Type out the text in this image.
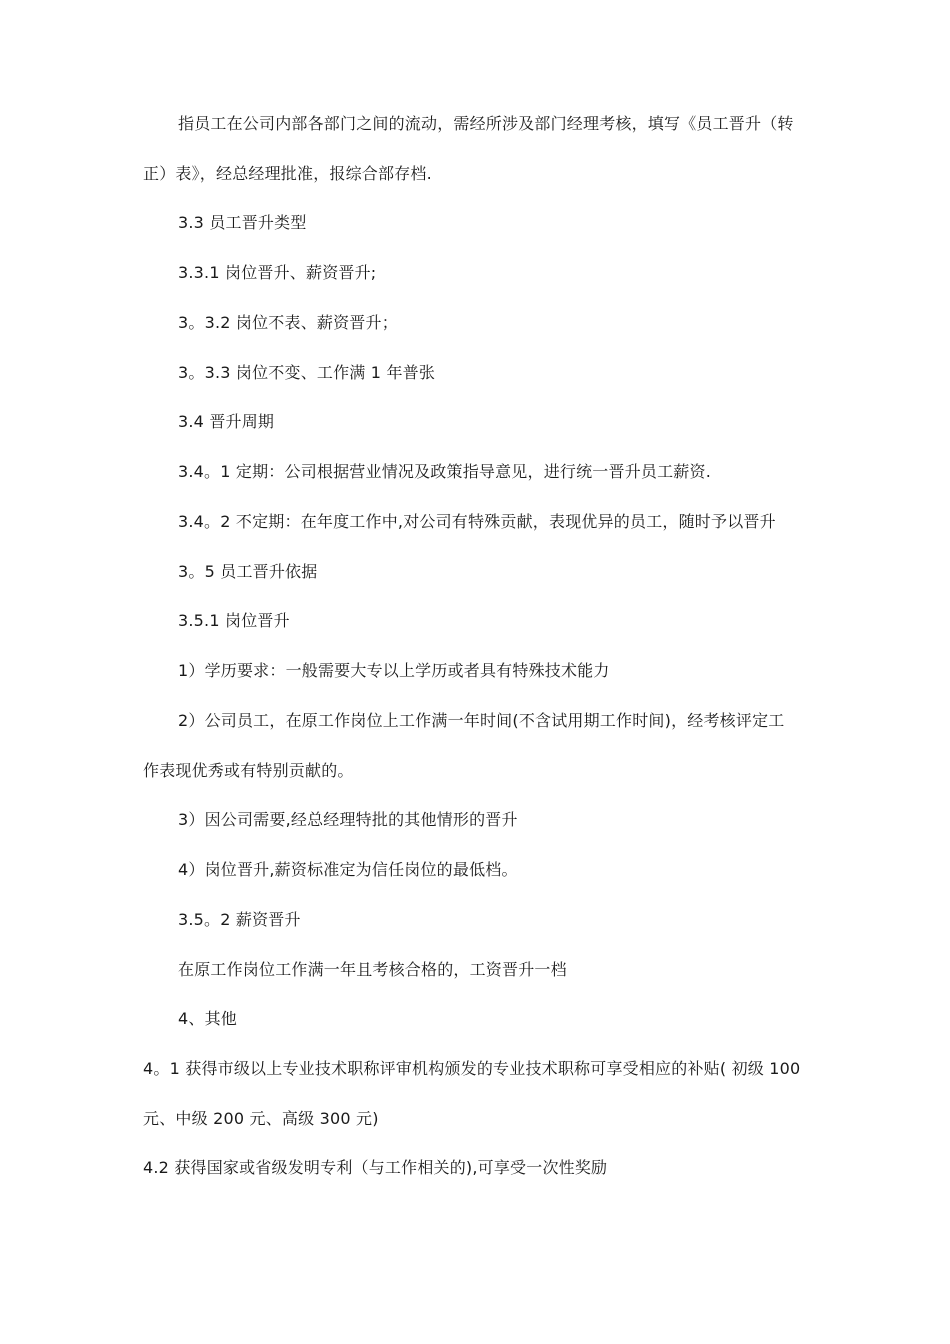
指员工在公司内部各部门之间的流动，需经所涉及部门经理考核，填写《员工晋升（转
正）表》，经总经理批准，报综合部存档.
3.3 员工晋升类型
3.3.1 岗位晋升、薪资晋升;
3。3.2 岗位不表、薪资晋升；
3。3.3 岗位不变、工作满 1 年普张
3.4 晋升周期
3.4。1 定期：公司根据营业情况及政策指导意见，进行统一晋升员工薪资.
3.4。2 不定期：在年度工作中,对公司有特殊贡献，表现优异的员工，随时予以晋升
3。5 员工晋升依据
3.5.1 岗位晋升
1）学历要求：一般需要大专以上学历或者具有特殊技术能力
2）公司员工，在原工作岗位上工作满一年时间(不含试用期工作时间)，经考核评定工
作表现优秀或有特别贡献的。
3）因公司需要,经总经理特批的其他情形的晋升
4）岗位晋升,薪资标准定为信任岗位的最低档。
3.5。2 薪资晋升
在原工作岗位工作满一年且考核合格的，工资晋升一档
4、其他
4。1 获得市级以上专业技术职称评审机构颁发的专业技术职称可享受相应的补贴( 初级 100
元、中级 200 元、高级 300 元)
4.2 获得国家或省级发明专利（与工作相关的),可享受一次性奖励
